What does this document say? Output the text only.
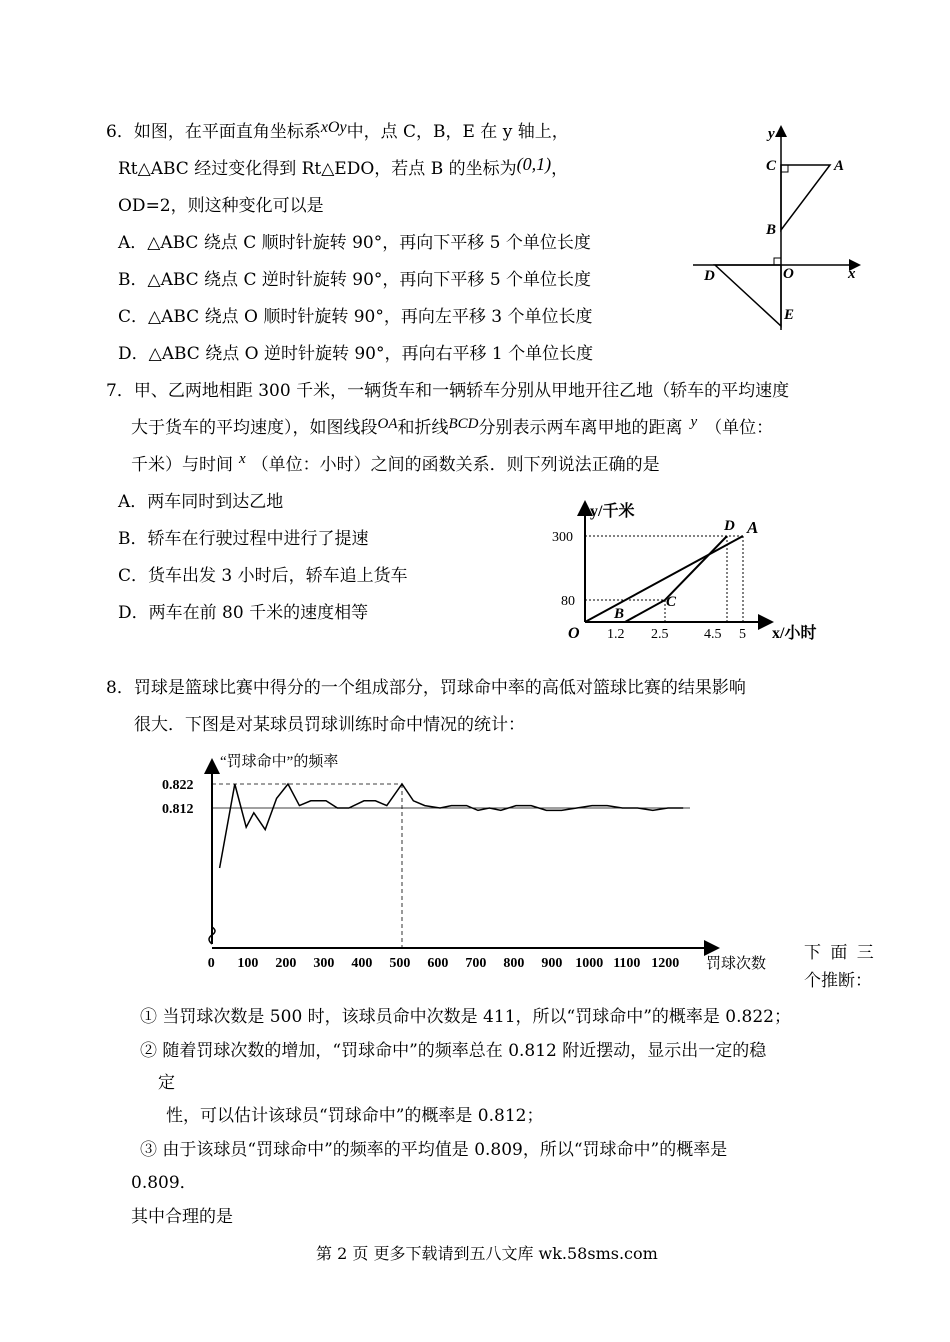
6．如图，在平面直角坐标系xOy中，点 C，B，E 在 y 轴上，
Rt△ABC 经过变化得到 Rt△EDO，若点 B 的坐标为(0,1)，
OD=2，则这种变化可以是
A．△ABC 绕点 C 顺时针旋转 90°，再向下平移 5 个单位长度
B．△ABC 绕点 C 逆时针旋转 90°，再向下平移 5 个单位长度
C．△ABC 绕点 O 顺时针旋转 90°，再向左平移 3 个单位长度
D．△ABC 绕点 O 逆时针旋转 90°，再向右平移 1 个单位长度
y
C	A
B
D	O	x
E
7．甲、乙两地相距 300 千米，一辆货车和一辆轿车分别从甲地开往乙地（轿车的平均速度
大于货车的平均速度），如图线段OA和折线BCD分别表示两车离甲地的距离 y （单位：
千米）与时间 x （单位：小时）之间的函数关系．则下列说法正确的是
A．两车同时到达乙地
B．轿车在行驶过程中进行了提速
C．货车出发 3 小时后，轿车追上货车
D．两车在前 80 千米的速度相等
y/千米
300
80
O
B
C
D A
1.2 2.5	4.5 5 x/小时
8．罚球是篮球比赛中得分的一个组成部分，罚球命中率的高低对篮球比赛的结果影响
很大．下图是对某球员罚球训练时命中情况的统计：
“罚球命中”的频率
0.822
0.812
0 100 200 300 400 500 600 700 800 900 1000 1100 1200 罚球次数
下 面 三
个推断：
① 当罚球次数是 500 时，该球员命中次数是 411，所以“罚球命中”的概率是 0.822；
② 随着罚球次数的增加，“罚球命中”的频率总在 0.812 附近摆动，显示出一定的稳
定
性，可以估计该球员“罚球命中”的概率是 0.812；
③ 由于该球员“罚球命中”的频率的平均值是 0.809，所以“罚球命中”的概率是
0.809．
其中合理的是
第 2 页 更多下载请到五八文库 wk.58sms.com
